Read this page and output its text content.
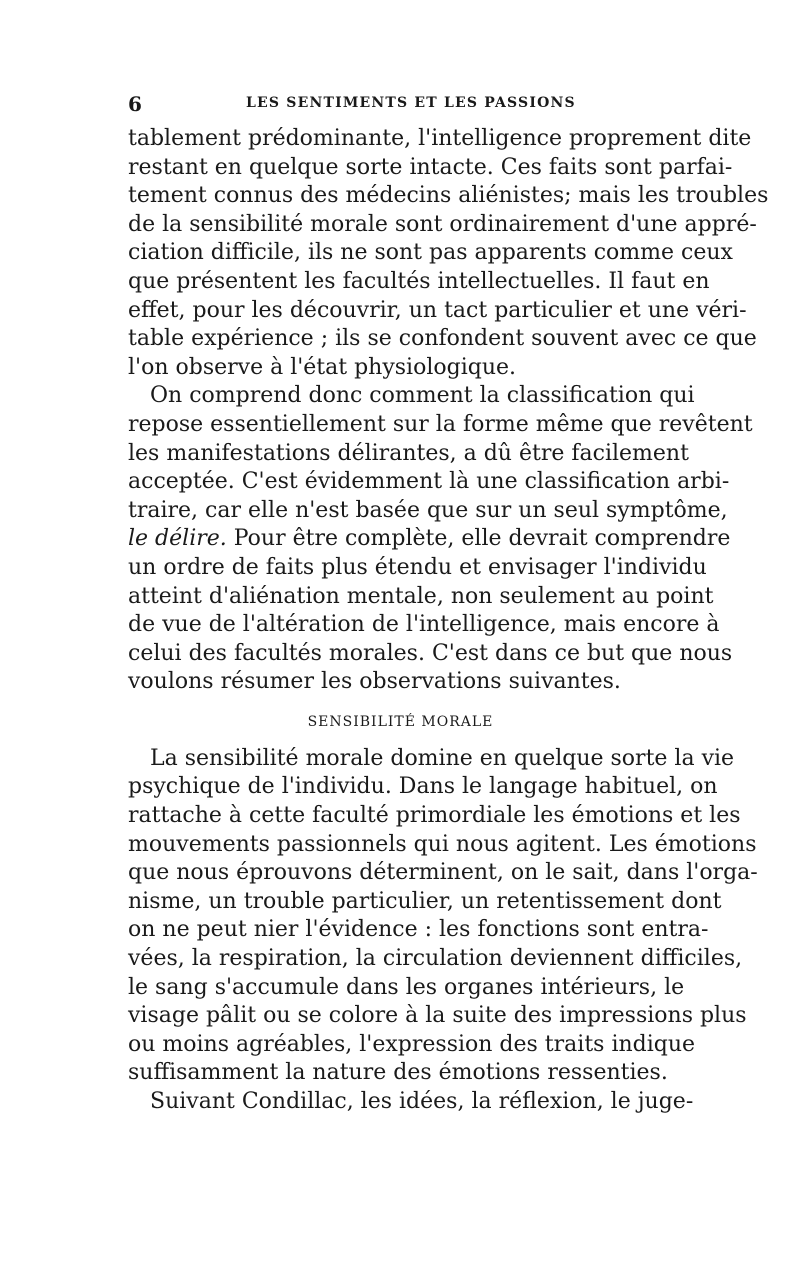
6	LES SENTIMENTS ET LES PASSIONS
tablement prédominante, l'intelligence proprement dite
restant en quelque sorte intacte. Ces faits sont parfai-
tement connus des médecins aliénistes; mais les troubles
de la sensibilité morale sont ordinairement d'une appré-
ciation difficile, ils ne sont pas apparents comme ceux
que présentent les facultés intellectuelles. Il faut en
effet, pour les découvrir, un tact particulier et une véri-
table expérience ; ils se confondent souvent avec ce que
l'on observe à l'état physiologique.
On comprend donc comment la classification qui
repose essentiellement sur la forme même que revêtent
les manifestations délirantes, a dû être facilement
acceptée. C'est évidemment là une classification arbi-
traire, car elle n'est basée que sur un seul symptôme,
le délire. Pour être complète, elle devrait comprendre
un ordre de faits plus étendu et envisager l'individu
atteint d'aliénation mentale, non seulement au point
de vue de l'altération de l'intelligence, mais encore à
celui des facultés morales. C'est dans ce but que nous
voulons résumer les observations suivantes.
SENSIBILITÉ MORALE
La sensibilité morale domine en quelque sorte la vie
psychique de l'individu. Dans le langage habituel, on
rattache à cette faculté primordiale les émotions et les
mouvements passionnels qui nous agitent. Les émotions
que nous éprouvons déterminent, on le sait, dans l'orga-
nisme, un trouble particulier, un retentissement dont
on ne peut nier l'évidence : les fonctions sont entra-
vées, la respiration, la circulation deviennent difficiles,
le sang s'accumule dans les organes intérieurs, le
visage pâlit ou se colore à la suite des impressions plus
ou moins agréables, l'expression des traits indique
suffisamment la nature des émotions ressenties.
Suivant Condillac, les idées, la réflexion, le juge-
